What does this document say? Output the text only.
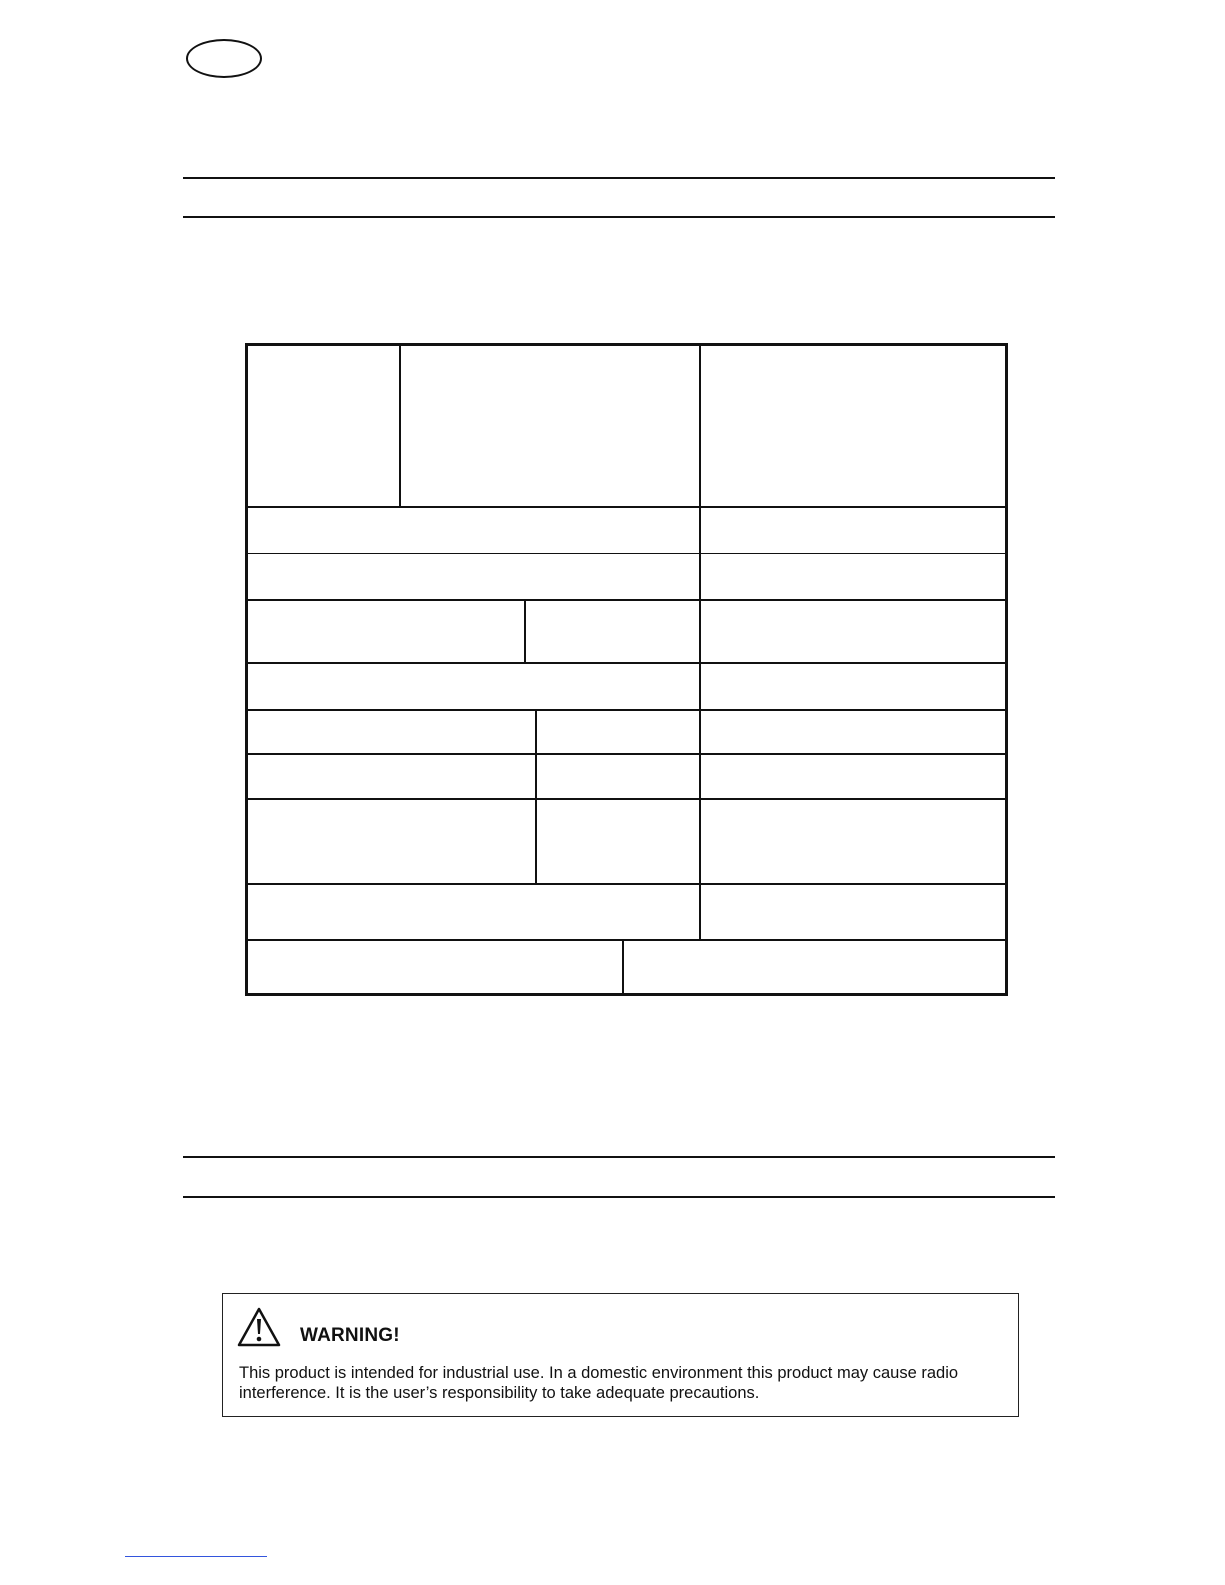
WARNING!
This product is intended for industrial use. In a domestic environment this product may cause radio
interference. It is the user’s responsibility to take adequate precautions.
